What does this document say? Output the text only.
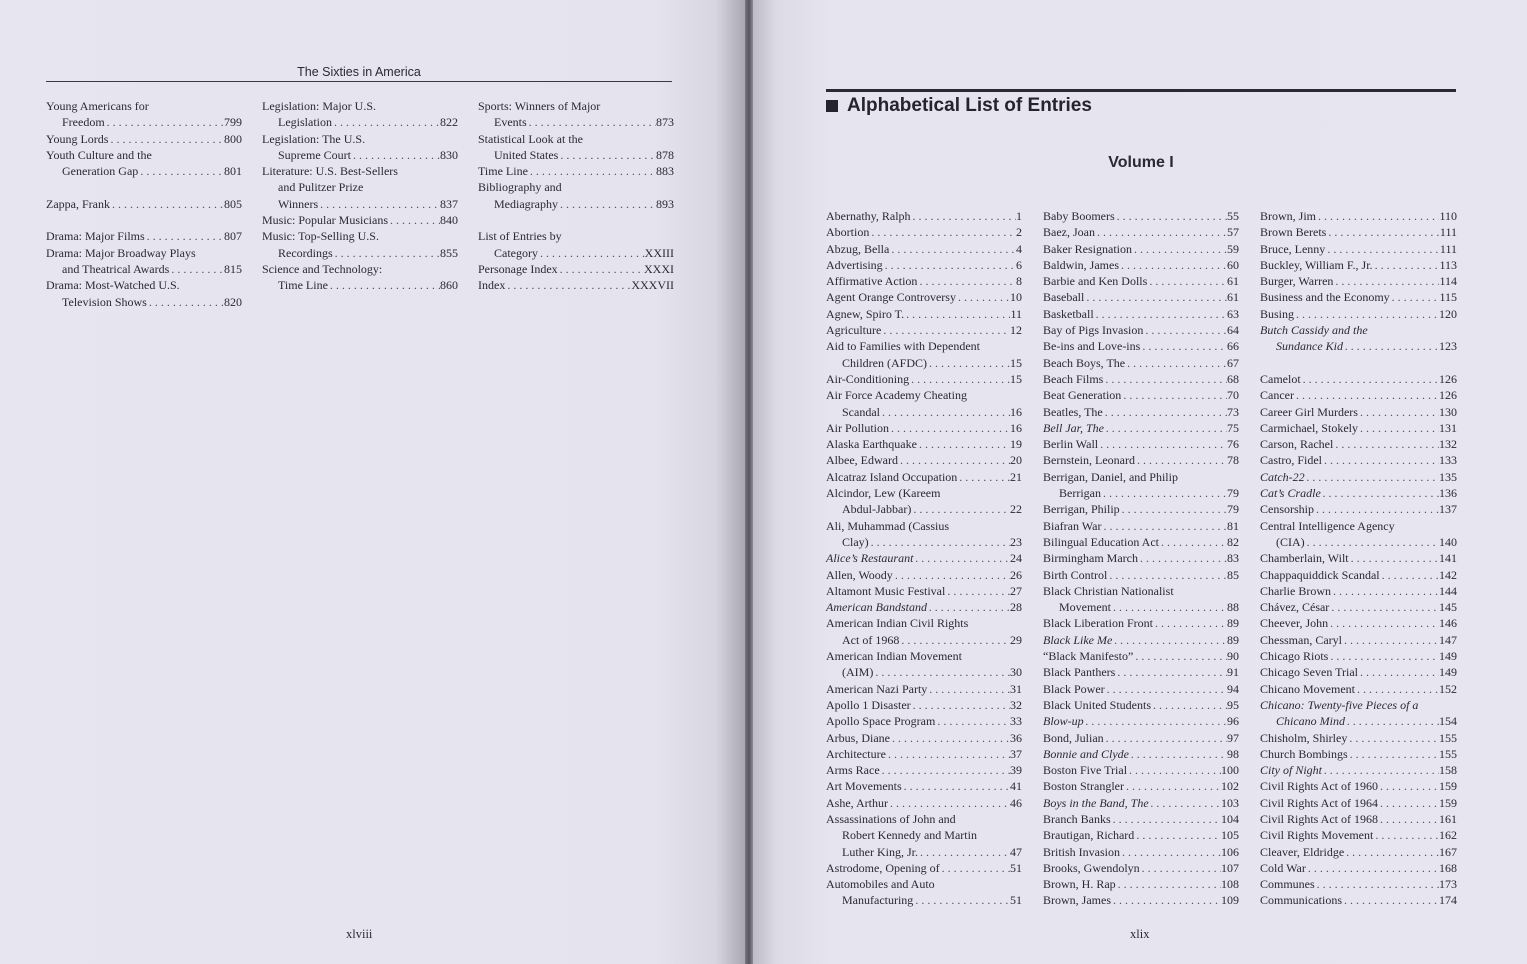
The Sixties in America
Young Americans for
Freedom . . .	799
Young Lords . . .	800
Youth Culture and the
Generation Gap . . .	801
Zappa, Frank . . .	805
Drama: Major Films . . .	807
Drama: Major Broadway Plays
and Theatrical Awards . . .	815
Drama: Most-Watched U.S.
Television Shows . . .	820
Legislation: Major U.S.
Legislation . . .	822
Legislation: The U.S.
Supreme Court . . .	830
Literature: U.S. Best-Sellers
and Pulitzer Prize
Winners . . .	837
Music: Popular Musicians . . .	840
Music: Top-Selling U.S.
Recordings . . .	855
Science and Technology:
Time Line . . .	860
Sports: Winners of Major
Events . . .	873
Statistical Look at the
United States . . .	878
Time Line . . .	883
Bibliography and
Mediagraphy . . .	893
List of Entries by
Category . . .	XXIII
Personage Index . . .	XXXI
Index . . .	XXXVII
xlviii
Alphabetical List of Entries
Volume I
Abernathy, Ralph . . .	1
Abortion . . .	2
Abzug, Bella . . .	4
Advertising . . .	6
Affirmative Action . . .	8
Agent Orange Controversy . . .	10
Agnew, Spiro T. . . .	11
Agriculture . . .	12
Aid to Families with Dependent
Children (AFDC) . . .	15
Air-Conditioning . . .	15
Air Force Academy Cheating
Scandal . . .	16
Air Pollution . . .	16
Alaska Earthquake . . .	19
Albee, Edward . . .	20
Alcatraz Island Occupation . . .	21
Alcindor, Lew (Kareem
Abdul-Jabbar) . . .	22
Ali, Muhammad (Cassius
Clay) . . .	23
Alice’s Restaurant . . .	24
Allen, Woody . . .	26
Altamont Music Festival . . .	27
American Bandstand . . .	28
American Indian Civil Rights
Act of 1968 . . .	29
American Indian Movement
(AIM) . . .	30
American Nazi Party . . .	31
Apollo 1 Disaster . . .	32
Apollo Space Program . . .	33
Arbus, Diane . . .	36
Architecture . . .	37
Arms Race . . .	39
Art Movements . . .	41
Ashe, Arthur . . .	46
Assassinations of John and
Robert Kennedy and Martin
Luther King, Jr. . . .	47
Astrodome, Opening of . . .	51
Automobiles and Auto
Manufacturing . . .	51
Baby Boomers . . .	55
Baez, Joan . . .	57
Baker Resignation . . .	59
Baldwin, James . . .	60
Barbie and Ken Dolls . . .	61
Baseball . . .	61
Basketball . . .	63
Bay of Pigs Invasion . . .	64
Be-ins and Love-ins . . .	66
Beach Boys, The . . .	67
Beach Films . . .	68
Beat Generation . . .	70
Beatles, The . . .	73
Bell Jar, The . . .	75
Berlin Wall . . .	76
Bernstein, Leonard . . .	78
Berrigan, Daniel, and Philip
Berrigan . . .	79
Berrigan, Philip . . .	79
Biafran War . . .	81
Bilingual Education Act . . .	82
Birmingham March . . .	83
Birth Control . . .	85
Black Christian Nationalist
Movement . . .	88
Black Liberation Front . . .	89
Black Like Me . . .	89
“Black Manifesto” . . .	90
Black Panthers . . .	91
Black Power . . .	94
Black United Students . . .	95
Blow-up . . .	96
Bond, Julian . . .	97
Bonnie and Clyde . . .	98
Boston Five Trial . . .	100
Boston Strangler . . .	102
Boys in the Band, The . . .	103
Branch Banks . . .	104
Brautigan, Richard . . .	105
British Invasion . . .	106
Brooks, Gwendolyn . . .	107
Brown, H. Rap . . .	108
Brown, James . . .	109
Brown, Jim . . .	110
Brown Berets . . .	111
Bruce, Lenny . . .	111
Buckley, William F., Jr. . . .	113
Burger, Warren . . .	114
Business and the Economy . . .	115
Busing . . .	120
Butch Cassidy and the
Sundance Kid . . .	123
Camelot . . .	126
Cancer . . .	126
Career Girl Murders . . .	130
Carmichael, Stokely . . .	131
Carson, Rachel . . .	132
Castro, Fidel . . .	133
Catch-22 . . .	135
Cat’s Cradle . . .	136
Censorship . . .	137
Central Intelligence Agency
(CIA) . . .	140
Chamberlain, Wilt . . .	141
Chappaquiddick Scandal . . .	142
Charlie Brown . . .	144
Chávez, César . . .	145
Cheever, John . . .	146
Chessman, Caryl . . .	147
Chicago Riots . . .	149
Chicago Seven Trial . . .	149
Chicano Movement . . .	152
Chicano: Twenty-five Pieces of a
Chicano Mind . . .	154
Chisholm, Shirley . . .	155
Church Bombings . . .	155
City of Night . . .	158
Civil Rights Act of 1960 . . .	159
Civil Rights Act of 1964 . . .	159
Civil Rights Act of 1968 . . .	161
Civil Rights Movement . . .	162
Cleaver, Eldridge . . .	167
Cold War . . .	168
Communes . . .	173
Communications . . .	174
xlix
